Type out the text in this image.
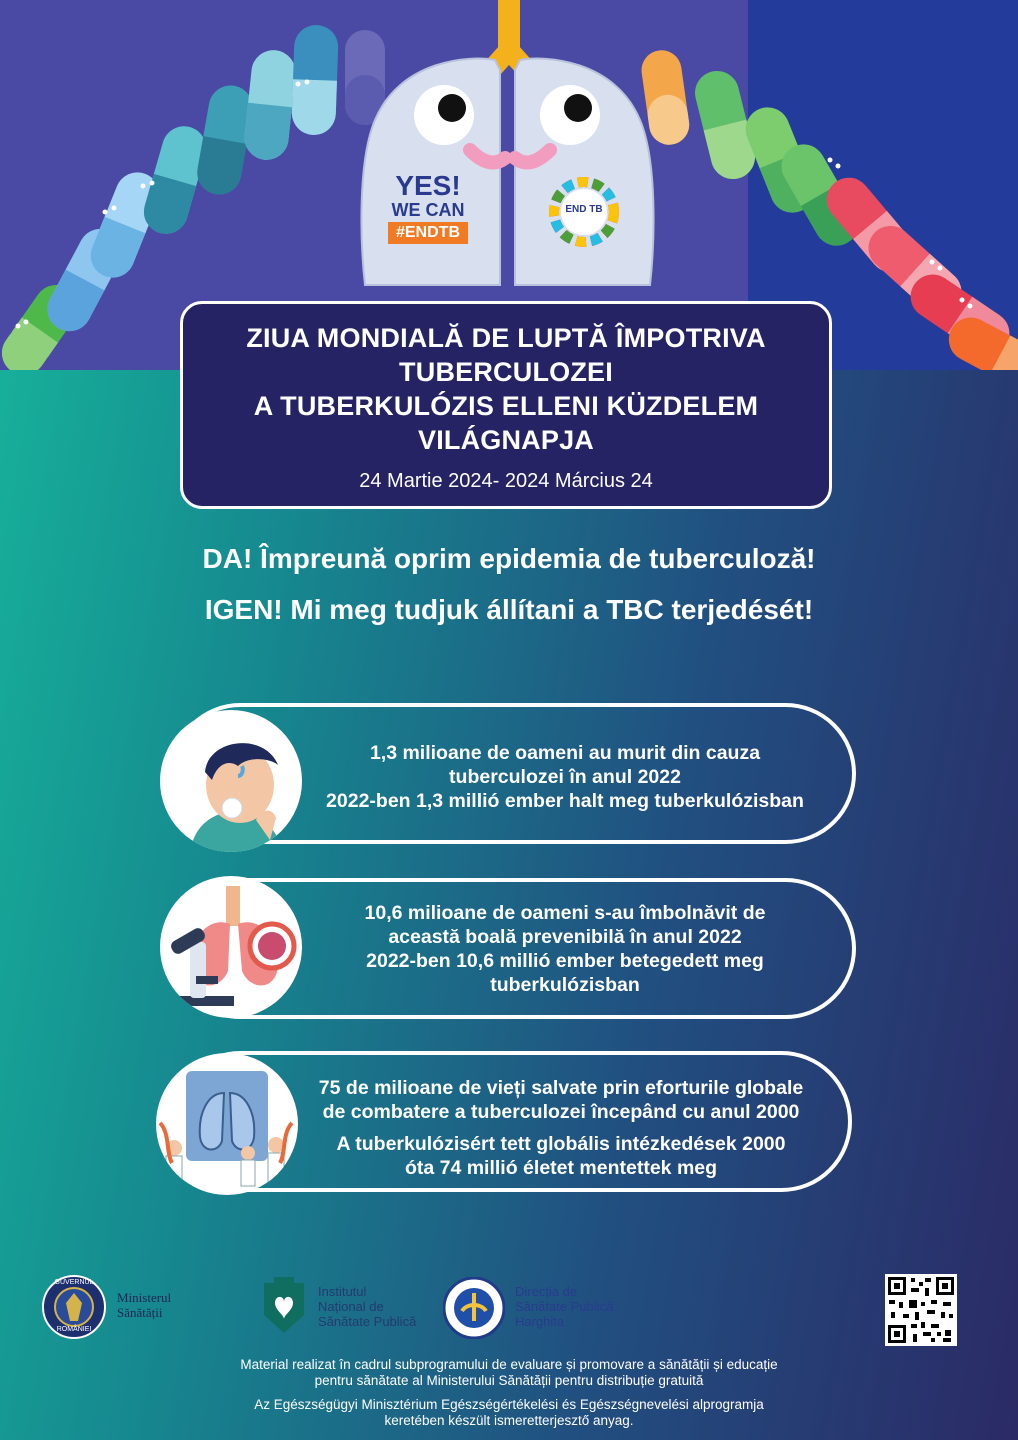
YES!
WE CAN
#ENDTB
END TB
ZIUA MONDIALĂ DE LUPTĂ ÎMPOTRIVA
TUBERCULOZEI
A TUBERKULÓZIS ELLENI KÜZDELEM
VILÁGNAPJA
24 Martie 2024- 2024 Március 24
DA! Împreună oprim epidemia de tuberculoză!
IGEN! Mi meg tudjuk állítani a TBC terjedését!
1,3 milioane de oameni au murit din cauza
tuberculozei în anul 2022
2022-ben 1,3 millió ember halt meg tuberkulózisban
10,6 milioane de oameni s-au îmbolnăvit de
această boală prevenibilă în anul 2022
2022-ben 10,6 millió ember betegedett meg
tuberkulózisban
75 de milioane de vieți salvate prin eforturile globale
de combatere a tuberculozei începând cu anul 2000
A tuberkulózisért tett globális intézkedések 2000
óta 74 millió életet mentettek meg
GUVERNUL
ROMÂNIEI
Ministerul
Sănătății
Institutul
Național de
Sănătate Publică
Direcția de
Sănătate Publică
Harghita
Material realizat în cadrul subprogramului de evaluare și promovare a sănătății și educație
pentru sănătate al Ministerului Sănătății pentru distribuție gratuită
Az Egészségügyi Minisztérium Egészségértékelési és Egészségnevelési alprogramja
keretében készült ismeretterjesztő anyag.
